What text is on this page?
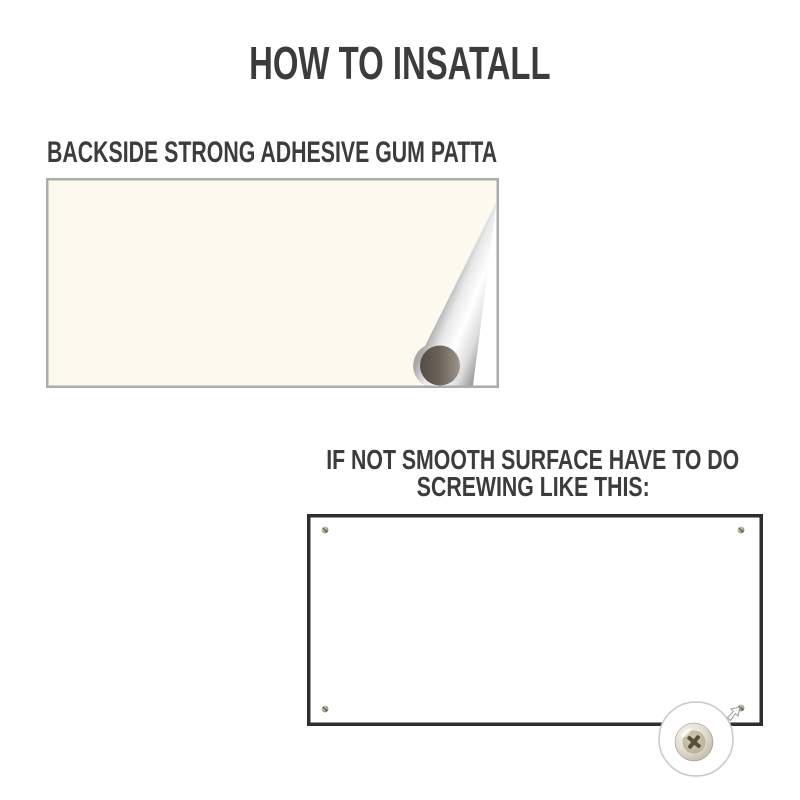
HOW TO INSATALL
BACKSIDE STRONG ADHESIVE GUM PATTA
IF NOT SMOOTH SURFACE HAVE TO DO
SCREWING LIKE THIS:
